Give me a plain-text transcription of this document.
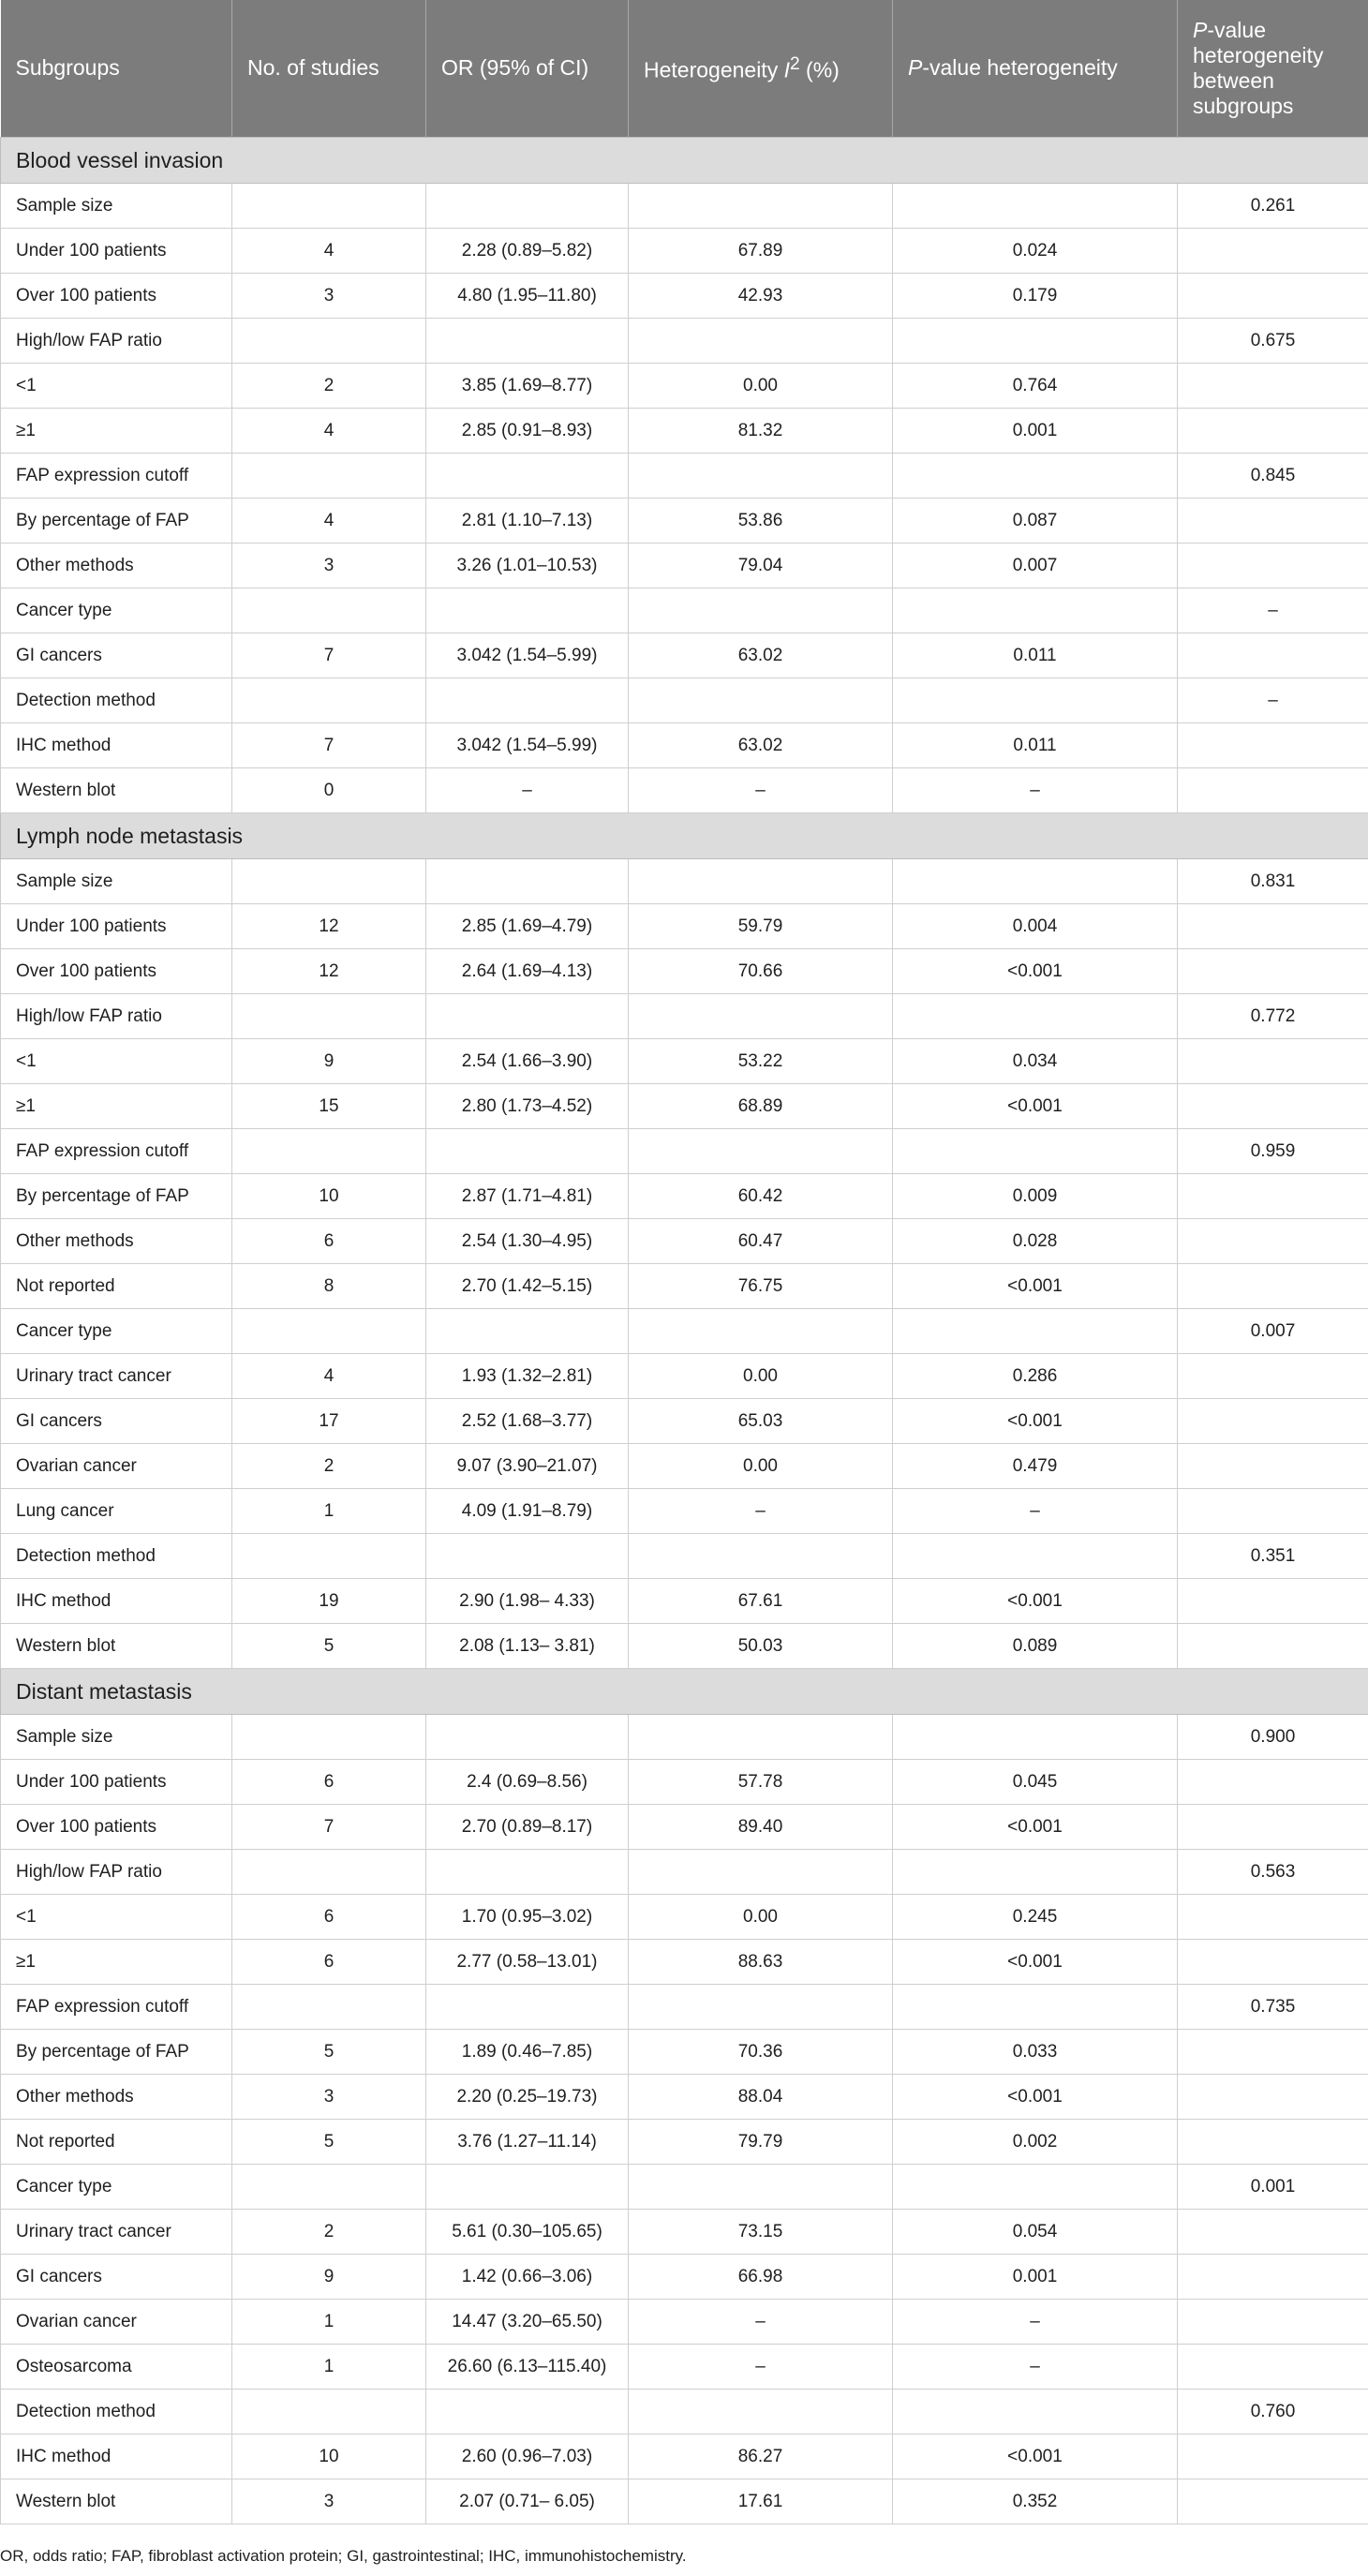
Subgroups	No. of studies	OR (95% of CI)	Heterogeneity $I^2$ (%)	P-value heterogeneity	P-value heterogeneity between subgroups
Blood vessel invasion					
Sample size					0.261
Under 100 patients	4	2.28 (0.89–5.82)	67.89	0.024	
Over 100 patients	3	4.80 (1.95–11.80)	42.93	0.179	
High/low FAP ratio					0.675
<1	2	3.85 (1.69–8.77)	0.00	0.764	
≥1	4	2.85 (0.91–8.93)	81.32	0.001	
FAP expression cutoff					0.845
By percentage of FAP	4	2.81 (1.10–7.13)	53.86	0.087	
Other methods	3	3.26 (1.01–10.53)	79.04	0.007	
Cancer type					–
GI cancers	7	3.042 (1.54–5.99)	63.02	0.011	
Detection method					–
IHC method	7	3.042 (1.54–5.99)	63.02	0.011	
Western blot	0	–	–	–	
Lymph node metastasis					
Sample size					0.831
Under 100 patients	12	2.85 (1.69–4.79)	59.79	0.004	
Over 100 patients	12	2.64 (1.69–4.13)	70.66	<0.001	
High/low FAP ratio					0.772
<1	9	2.54 (1.66–3.90)	53.22	0.034	
≥1	15	2.80 (1.73–4.52)	68.89	<0.001	
FAP expression cutoff					0.959
By percentage of FAP	10	2.87 (1.71–4.81)	60.42	0.009	
Other methods	6	2.54 (1.30–4.95)	60.47	0.028	
Not reported	8	2.70 (1.42–5.15)	76.75	<0.001	
Cancer type					0.007
Urinary tract cancer	4	1.93 (1.32–2.81)	0.00	0.286	
GI cancers	17	2.52 (1.68–3.77)	65.03	<0.001	
Ovarian cancer	2	9.07 (3.90–21.07)	0.00	0.479	
Lung cancer	1	4.09 (1.91–8.79)	–	–	
Detection method					0.351
IHC method	19	2.90 (1.98– 4.33)	67.61	<0.001	
Western blot	5	2.08 (1.13– 3.81)	50.03	0.089	
Distant metastasis					
Sample size					0.900
Under 100 patients	6	2.4 (0.69–8.56)	57.78	0.045	
Over 100 patients	7	2.70 (0.89–8.17)	89.40	<0.001	
High/low FAP ratio					0.563
<1	6	1.70 (0.95–3.02)	0.00	0.245	
≥1	6	2.77 (0.58–13.01)	88.63	<0.001	
FAP expression cutoff					0.735
By percentage of FAP	5	1.89 (0.46–7.85)	70.36	0.033	
Other methods	3	2.20 (0.25–19.73)	88.04	<0.001	
Not reported	5	3.76 (1.27–11.14)	79.79	0.002	
Cancer type					0.001
Urinary tract cancer	2	5.61 (0.30–105.65)	73.15	0.054	
GI cancers	9	1.42 (0.66–3.06)	66.98	0.001	
Ovarian cancer	1	14.47 (3.20–65.50)	–	–	
Osteosarcoma	1	26.60 (6.13–115.40)	–	–	
Detection method					0.760
IHC method	10	2.60 (0.96–7.03)	86.27	<0.001	
Western blot	3	2.07 (0.71– 6.05)	17.61	0.352	
OR, odds ratio; FAP, fibroblast activation protein; GI, gastrointestinal; IHC, immunohistochemistry.
